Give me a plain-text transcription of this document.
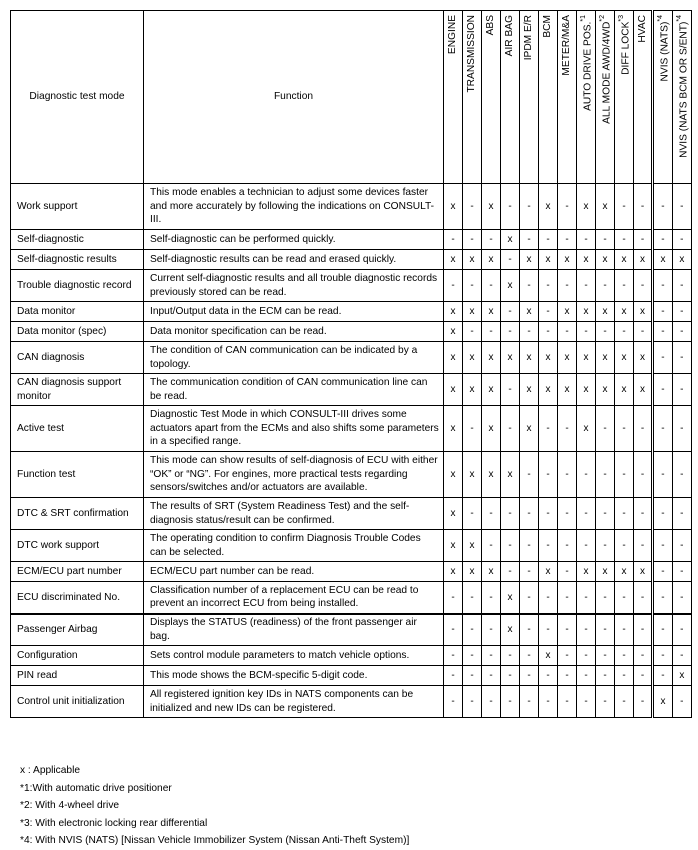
Diagnostic test mode	Function	ENGINE	TRANSMISSION	ABS	AIR BAG	IPDM E/R	BCM	METER/M&A	AUTO DRIVE POS.$^{*1}$	ALL MODE AWD/4WD$^{*2}$	DIFF LOCK$^{*3}$	HVAC	NVIS (NATS)$^{*4}$	NVIS (NATS BCM OR S/ENT)$^{*4}$
Work support	This mode enables a technician to adjust some devices faster and more accurately by following the indications on CONSULT-III.	x	-	x	-	-	x	-	x	x	-	-	-	-
Self-diagnostic	Self-diagnostic can be performed quickly.	-	-	-	x	-	-	-	-	-	-	-	-	-
Self-diagnostic results	Self-diagnostic results can be read and erased quickly.	x	x	x	-	x	x	x	x	x	x	x	x	x
Trouble diagnostic record	Current self-diagnostic results and all trouble diagnostic records previously stored can be read.	-	-	-	x	-	-	-	-	-	-	-	-	-
Data monitor	Input/Output data in the ECM can be read.	x	x	x	-	x	-	x	x	x	x	x	-	-
Data monitor (spec)	Data monitor specification can be read.	x	-	-	-	-	-	-	-	-	-	-	-	-
CAN diagnosis	The condition of CAN communication can be indicated by a topology.	x	x	x	x	x	x	x	x	x	x	x	-	-
CAN diagnosis support monitor	The communication condition of CAN communication line can be read.	x	x	x	-	x	x	x	x	x	x	x	-	-
Active test	Diagnostic Test Mode in which CONSULT-III drives some actuators apart from the ECMs and also shifts some parameters in a specified range.	x	-	x	-	x	-	-	x	-	-	-	-	-
Function test	This mode can show results of self-diagnosis of ECU with either “OK” or “NG”. For engines, more practical tests regarding sensors/switches and/or actuators are available.	x	x	x	x	-	-	-	-	-	-	-	-	-
DTC & SRT confirmation	The results of SRT (System Readiness Test) and the self-diagnosis status/result can be confirmed.	x	-	-	-	-	-	-	-	-	-	-	-	-
DTC work support	The operating condition to confirm Diagnosis Trouble Codes can be selected.	x	x	-	-	-	-	-	-	-	-	-	-	-
ECM/ECU part number	ECM/ECU part number can be read.	x	x	x	-	-	x	-	x	x	x	x	-	-
ECU discriminated No.	Classification number of a replacement ECU can be read to prevent an incorrect ECU from being installed.	-	-	-	x	-	-	-	-	-	-	-	-	-
Passenger Airbag	Displays the STATUS (readiness) of the front passenger air bag.	-	-	-	x	-	-	-	-	-	-	-	-	-
Configuration	Sets control module parameters to match vehicle options.	-	-	-	-	-	x	-	-	-	-	-	-	-
PIN read	This mode shows the BCM-specific 5-digit code.	-	-	-	-	-	-	-	-	-	-	-	-	x
Control unit initialization	All registered ignition key IDs in NATS components can be initialized and new IDs can be registered.	-	-	-	-	-	-	-	-	-	-	-	x	-
x : Applicable
*1:With automatic drive positioner
*2: With 4-wheel drive
*3: With electronic locking rear differential
*4: With NVIS (NATS) [Nissan Vehicle Immobilizer System (Nissan Anti-Theft System)]
